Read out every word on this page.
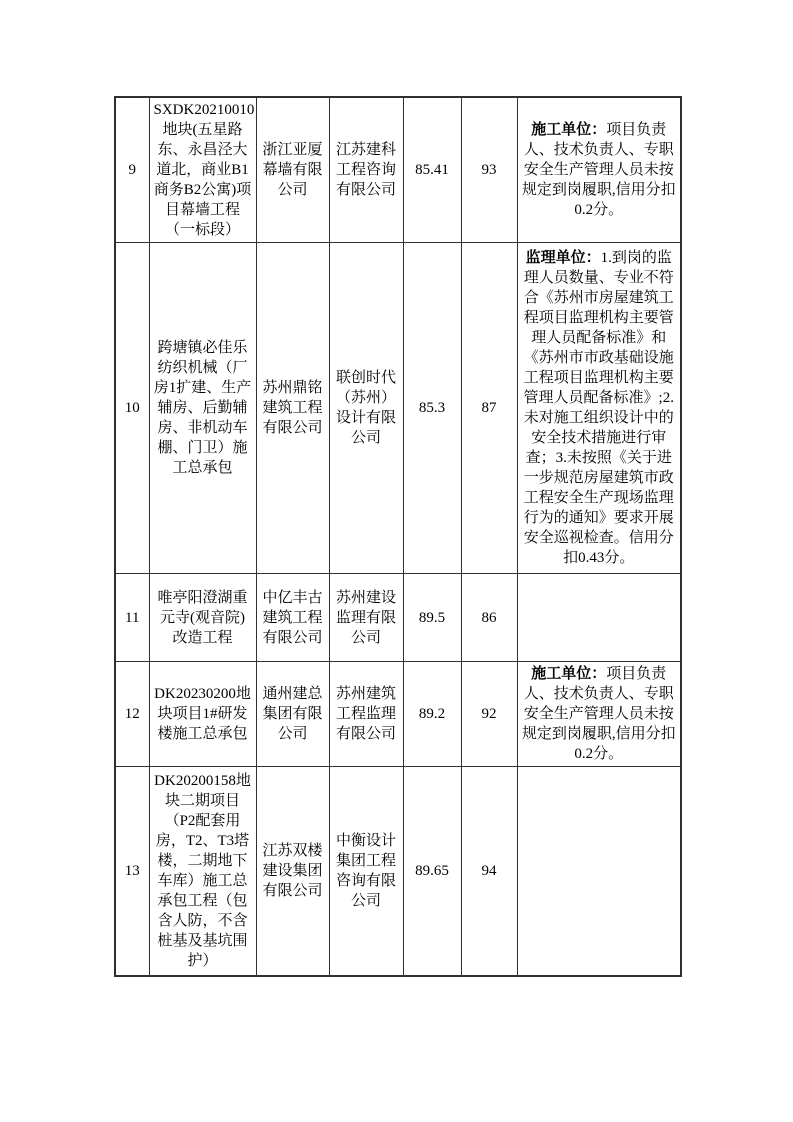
9	SXDK20210010地块(五星路东、永昌泾大道北，商业B1商务B2公寓)项目幕墙工程（一标段）	浙江亚厦幕墙有限公司	江苏建科工程咨询有限公司	85.41	93	施工单位：项目负责人、技术负责人、专职安全生产管理人员未按规定到岗履职,信用分扣0.2分。
10	跨塘镇必佳乐纺织机械（厂房1扩建、生产辅房、后勤辅房、非机动车棚、门卫）施工总承包	苏州鼎铭建筑工程有限公司	联创时代（苏州）设计有限公司	85.3	87	监理单位：1.到岗的监理人员数量、专业不符合《苏州市房屋建筑工程项目监理机构主要管理人员配备标准》和《苏州市市政基础设施工程项目监理机构主要管理人员配备标准》;2.未对施工组织设计中的安全技术措施进行审查；3.未按照《关于进一步规范房屋建筑市政工程安全生产现场监理行为的通知》要求开展安全巡视检查。信用分扣0.43分。
11	唯亭阳澄湖重元寺(观音院)改造工程	中亿丰古建筑工程有限公司	苏州建设监理有限公司	89.5	86	
12	DK20230200地块项目1#研发楼施工总承包	通州建总集团有限公司	苏州建筑工程监理有限公司	89.2	92	施工单位：项目负责人、技术负责人、专职安全生产管理人员未按规定到岗履职,信用分扣0.2分。
13	DK20200158地块二期项目（P2配套用房，T2、T3塔楼，二期地下车库）施工总承包工程（包含人防，不含桩基及基坑围护）	江苏双楼建设集团有限公司	中衡设计集团工程咨询有限公司	89.65	94	
